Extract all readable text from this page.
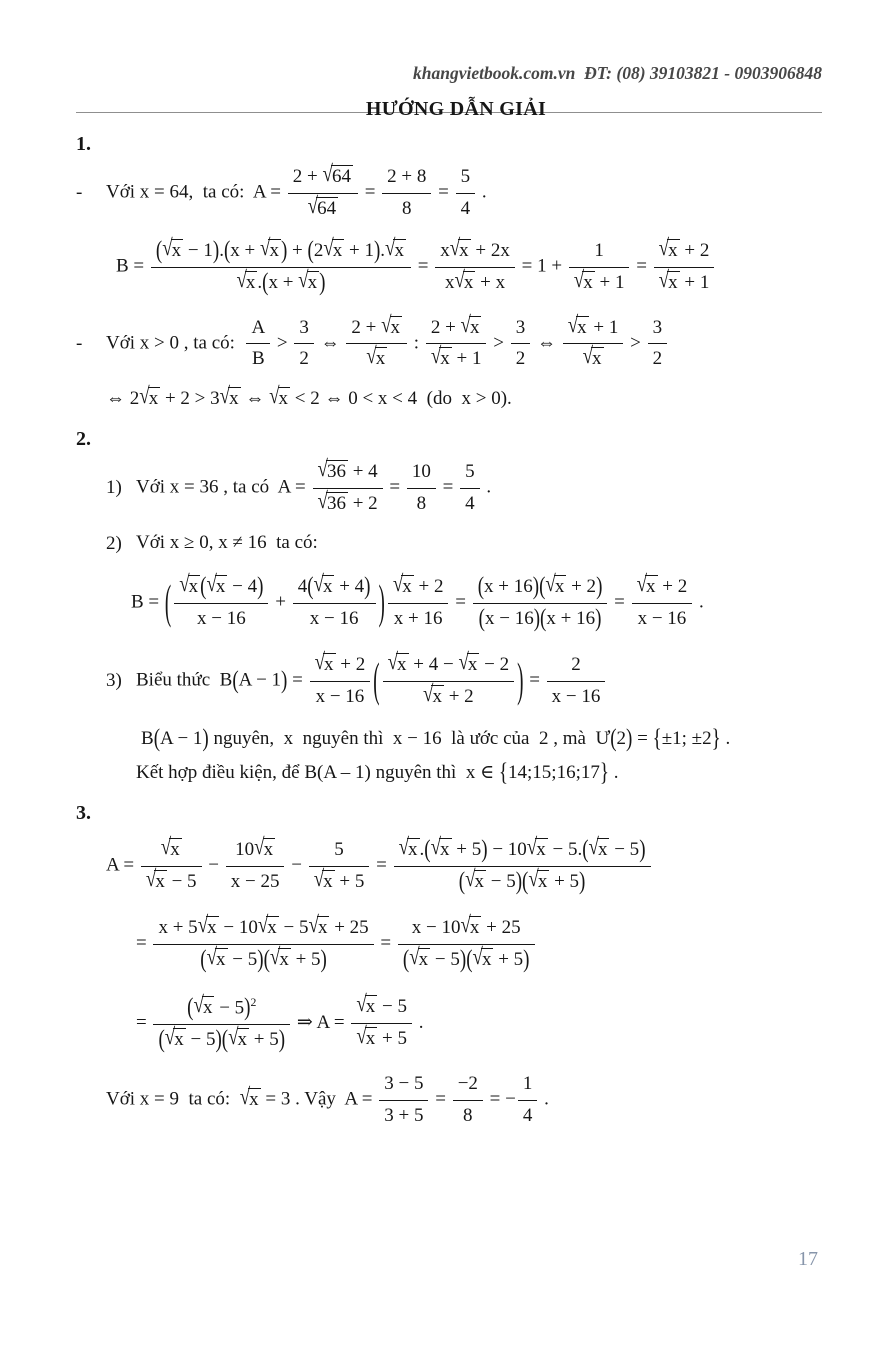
khangvietbook.com.vn  ĐT: (08) 39103821 - 0903906848

HƯỚNG DẪN GIẢI
1.
-	Với x = 64,  ta có:  $A = \frac{2 + √64}{√64} = \frac{2 + 8}{8} = \frac{5}{4}$ .
$B = \frac{(√x - 1).(x + √x ) + (2√x + 1).√x}{√x .(x + √x )} = \frac{x√x + 2x}{x√x + x} = 1 + \frac{1}{√x + 1} = \frac{√x + 2}{√x + 1}$
-	Với x > 0 , ta có: $\frac{A}{B} > \frac{3}{2}$ ⇔ $\frac{2 + √x}{√x}$ : $\frac{2 + √x}{√x + 1} > \frac{3}{2}$ ⇔ $\frac{√x + 1}{√x} > \frac{3}{2}$
⇔ 2√x + 2 > 3√x ⇔ √x < 2 ⇔ 0 < x < 4  (do  x > 0).
2.
1) Với x = 36 , ta có  $A = \frac{√36 + 4}{√36 + 2} = \frac{10}{8} = \frac{5}{4}$ .
2) Với x ≥ 0, x ≠ 16  ta có:
B = ( $\frac{√x (√x - 4)}{x - 16} + \frac{4(√x + 4)}{x - 16}$ ) $\frac{√x + 2}{x + 16} = \frac{(x + 16)(√x + 2)}{(x - 16)(x + 16)} = \frac{√x + 2}{x - 16}$ .
3) Biểu thức  $B(A - 1) = \frac{√x + 2}{x - 16}$ ( $\frac{√x + 4 - √x - 2}{√x + 2}$ ) = $\frac{2}{x - 16}$
B(A − 1) nguyên,  x  nguyên thì  x − 16  là ước của  2 , mà  Ư(2) = {±1; ±2} .
Kết hợp điều kiện, để B(A – 1) nguyên thì  x ∈ {14;15;16;17} .
3.
$A = \frac{√x}{√x - 5} - \frac{10√x}{x - 25} - \frac{5}{√x + 5} = \frac{√x .(√x + 5) - 10√x - 5.(√x - 5)}{(√x - 5)(√x + 5)}$
= $\frac{x + 5√x - 10√x - 5√x + 25}{(√x - 5)(√x + 5)} = \frac{x - 10√x + 25}{(√x - 5)(√x + 5)}$
= $\frac{(√x - 5)^2}{(√x - 5)(√x + 5)}$ ⇒ $A = \frac{√x - 5}{√x + 5}$ .
Với x = 9  ta có:  √x = 3 . Vậy  $A = \frac{3 - 5}{3 + 5} = \frac{-2}{8}$ = − $\frac{1}{4}$ .
17
